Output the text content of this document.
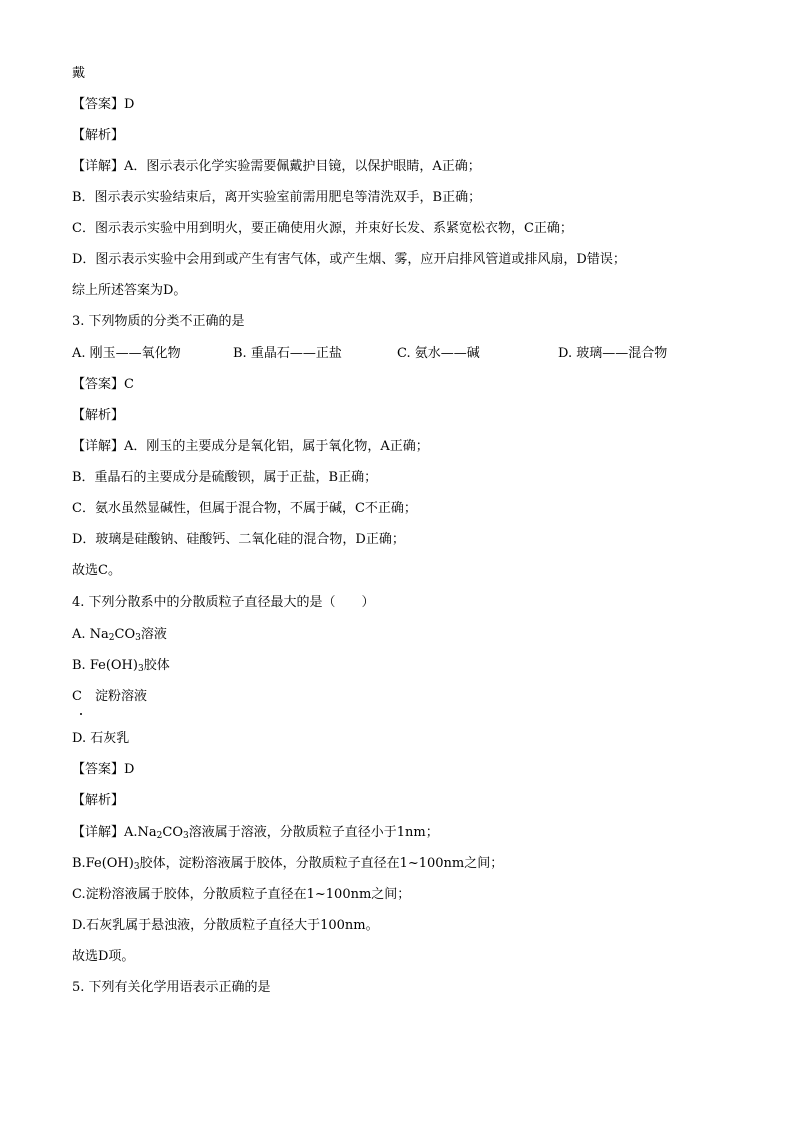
戴
【答案】D
【解析】
【详解】A．图示表示化学实验需要佩戴护目镜，以保护眼睛，A正确；
B．图示表示实验结束后，离开实验室前需用肥皂等清洗双手，B正确；
C．图示表示实验中用到明火，要正确使用火源，并束好长发、系紧宽松衣物，C正确；
D．图示表示实验中会用到或产生有害气体，或产生烟、雾，应开启排风管道或排风扇，D错误；
综上所述答案为D。
3. 下列物质的分类不正确的是
A. 刚玉——氧化物	B. 重晶石——正盐	C. 氨水——碱	D. 玻璃——混合物
【答案】C
【解析】
【详解】A．刚玉的主要成分是氧化铝，属于氧化物，A正确；
B．重晶石的主要成分是硫酸钡，属于正盐，B正确；
C．氨水虽然显碱性，但属于混合物，不属于碱，C不正确；
D．玻璃是硅酸钠、硅酸钙、二氧化硅的混合物，D正确；
故选C。
4. 下列分散系中的分散质粒子直径最大的是（　　）
A. $Na_2CO_3$溶液
B. $Fe(OH)_3$胶体
C　淀粉溶液
D. 石灰乳
【答案】D
【解析】
【详解】$A.Na_2CO_3$溶液属于溶液，分散质粒子直径小于1nm；
$B.Fe(OH)_3$胶体，淀粉溶液属于胶体，分散质粒子直径在1~100nm之间；
C.淀粉溶液属于胶体，分散质粒子直径在1~100nm之间；
D.石灰乳属于悬浊液，分散质粒子直径大于100nm。
故选D项。
5. 下列有关化学用语表示正确的是
